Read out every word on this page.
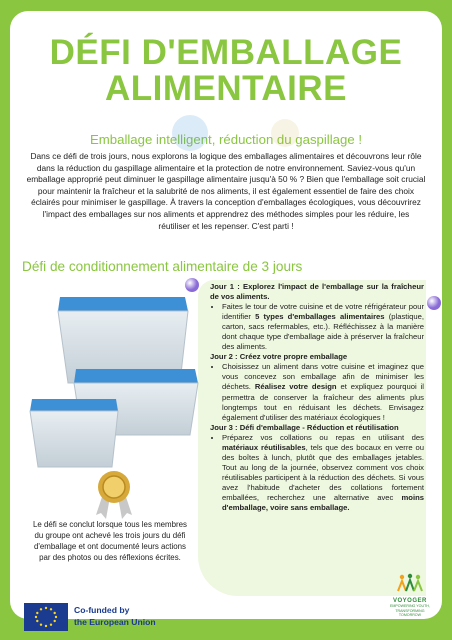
DÉFI D'EMBALLAGE
ALIMENTAIRE
Emballage intelligent, réduction du gaspillage !
Dans ce défi de trois jours, nous explorons la logique des emballages alimentaires et découvrons leur rôle dans la réduction du gaspillage alimentaire et la protection de notre environnement. Saviez-vous qu'un emballage approprié peut diminuer le gaspillage alimentaire jusqu'à 50 % ? Bien que l'emballage soit crucial pour maintenir la fraîcheur et la salubrité de nos aliments, il est également essentiel de faire des choix éclairés pour minimiser le gaspillage. À travers la conception d'emballages écologiques, vous découvrirez l'impact des emballages sur nos aliments et apprendrez des méthodes simples pour les réduire, les réutiliser et les repenser. C'est parti !
Défi de conditionnement alimentaire de 3 jours

Jour 1 : Explorez l'impact de l'emballage sur la fraîcheur de vos aliments.

• Faites le tour de votre cuisine et de votre réfrigérateur pour identifier 5 types d'emballages alimentaires (plastique, carton, sacs refermables, etc.). Réfléchissez à la manière dont chaque type d'emballage aide à préserver la fraîcheur des aliments.

Jour 2 : Créez votre propre emballage

• Choisissez un aliment dans votre cuisine et imaginez que vous concevez son emballage afin de minimiser les déchets. Réalisez votre design et expliquez pourquoi il permettra de conserver la fraîcheur des aliments plus longtemps tout en réduisant les déchets. Envisagez également d'utiliser des matériaux écologiques !

Jour 3 : Défi d'emballage - Réduction et réutilisation

• Préparez vos collations ou repas en utilisant des matériaux réutilisables, tels que des bocaux en verre ou des boîtes à lunch, plutôt que des emballages jetables. Tout au long de la journée, observez comment vos choix réutilisables participent à la réduction des déchets. Si vous avez l'habitude d'acheter des collations fortement emballées, recherchez une alternative avec moins d'emballage, voire sans emballage.
Le défi se conclut lorsque tous les membres du groupe ont achevé les trois jours du défi d'emballage et ont documenté leurs actions par des photos ou des réflexions écrites.
Co-funded by
the European Union
VOYOGER
EMPOWERING YOUTH,
TRANSFORMING
TOMORROW
